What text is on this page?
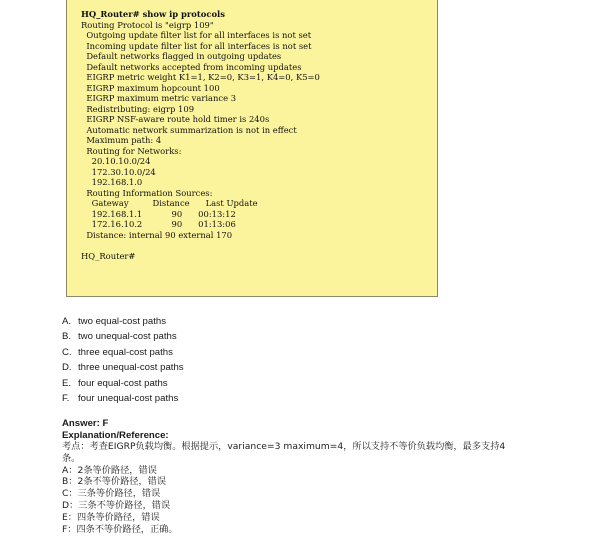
HQ_Router# show ip protocols
Routing Protocol is "eigrp 109"
Outgoing update filter list for all interfaces is not set
Incoming update filter list for all interfaces is not set
Default networks flagged in outgoing updates
Default networks accepted from incoming updates
EIGRP metric weight K1=1, K2=0, K3=1, K4=0, K5=0
EIGRP maximum hopcount 100
EIGRP maximum metric variance 3
Redistributing: eigrp 109
EIGRP NSF-aware route hold timer is 240s
Automatic network summarization is not in effect
Maximum path: 4
Routing for Networks:
20.10.10.0/24
172.30.10.0/24
192.168.1.0
Routing Information Sources:
Gateway         Distance      Last Update
192.168.1.1           90      00:13:12
172.16.10.2           90      01:13:06
Distance: internal 90 external 170
HQ_Router#
A. two equal-cost paths
B. two unequal-cost paths
C. three equal-cost paths
D. three unequal-cost paths
E. four equal-cost paths
F. four unequal-cost paths
Answer: F
Explanation/Reference:
考点：考查EIGRP负载均衡。根据提示，variance=3 maximum=4，所以支持不等价负载均衡，最多支持4
条。
A：2条等价路径，错误
B：2条不等价路径，错误
C：三条等价路径，错误
D：三条不等价路径，错误
E：四条等价路径，错误
F：四条不等价路径，正确。
